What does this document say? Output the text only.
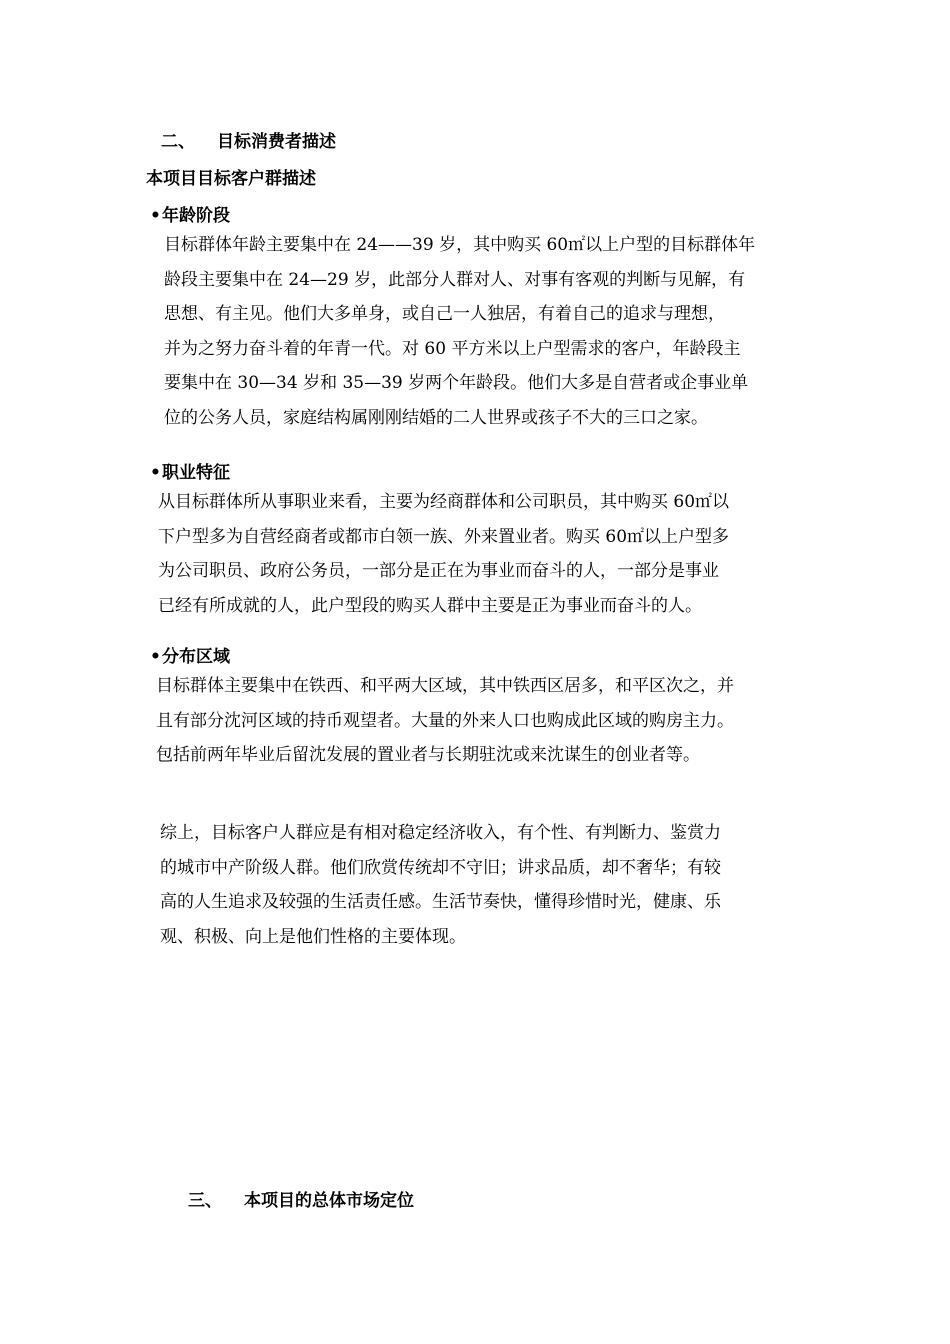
二、 目标消费者描述
本项目目标客户群描述
•年龄阶段
目标群体年龄主要集中在 24——39 岁，其中购买 60㎡以上户型的目标群体年
龄段主要集中在 24—29 岁，此部分人群对人、对事有客观的判断与见解，有
思想、有主见。他们大多单身，或自己一人独居，有着自己的追求与理想，
并为之努力奋斗着的年青一代。对 60 平方米以上户型需求的客户，年龄段主
要集中在 30—34 岁和 35—39 岁两个年龄段。他们大多是自营者或企事业单
位的公务人员，家庭结构属刚刚结婚的二人世界或孩子不大的三口之家。
•职业特征
从目标群体所从事职业来看，主要为经商群体和公司职员，其中购买 60㎡以
下户型多为自营经商者或都市白领一族、外来置业者。购买 60㎡以上户型多
为公司职员、政府公务员，一部分是正在为事业而奋斗的人，一部分是事业
已经有所成就的人，此户型段的购买人群中主要是正为事业而奋斗的人。
•分布区域
目标群体主要集中在铁西、和平两大区域，其中铁西区居多，和平区次之，并
且有部分沈河区域的持币观望者。大量的外来人口也购成此区域的购房主力。
包括前两年毕业后留沈发展的置业者与长期驻沈或来沈谋生的创业者等。
综上，目标客户人群应是有相对稳定经济收入，有个性、有判断力、鉴赏力
的城市中产阶级人群。他们欣赏传统却不守旧；讲求品质，却不奢华；有较
高的人生追求及较强的生活责任感。生活节奏快，懂得珍惜时光，健康、乐
观、积极、向上是他们性格的主要体现。
三、 本项目的总体市场定位
